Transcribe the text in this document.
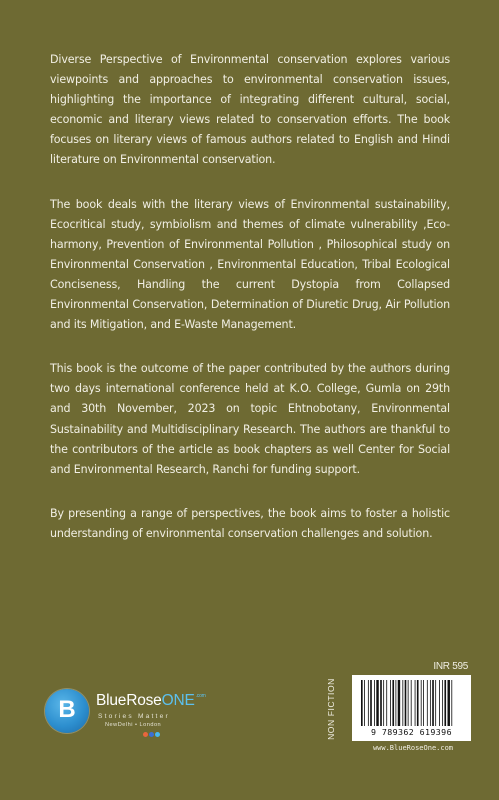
Diverse Perspective of Environmental conservation explores various viewpoints and approaches to environmental conservation issues, highlighting the importance of integrating different cultural, social, economic and literary views related to conservation efforts. The book focuses on literary views of famous authors related to English and Hindi literature on Environmental conservation.

The book deals with the literary views of Environmental sustainability, Ecocritical study, symbiolism and themes of climate vulnerability ,Eco-harmony, Prevention of Environmental Pollution , Philosophical study on Environmental Conservation , Environmental Education, Tribal Ecological Conciseness, Handling the current Dystopia from Collapsed Environmental Conservation, Determination of Diuretic Drug, Air Pollution and its Mitigation, and E-Waste Management.

This book is the outcome of the paper contributed by the authors during two days international conference held at K.O. College, Gumla on 29th and 30th November, 2023 on topic Ehtnobotany, Environmental Sustainability and Multidisciplinary Research. The authors are thankful to the contributors of the article as book chapters as well Center for Social and Environmental Research, Ranchi for funding support.

By presenting a range of perspectives, the book aims to foster a holistic understanding of environmental conservation challenges and solution.

B	BlueRoseONE$^{.com}$
Stories Matter
NewDelhi • London	NON FICTION
INR 595
9 789362 619396
www.BlueRoseOne.com
